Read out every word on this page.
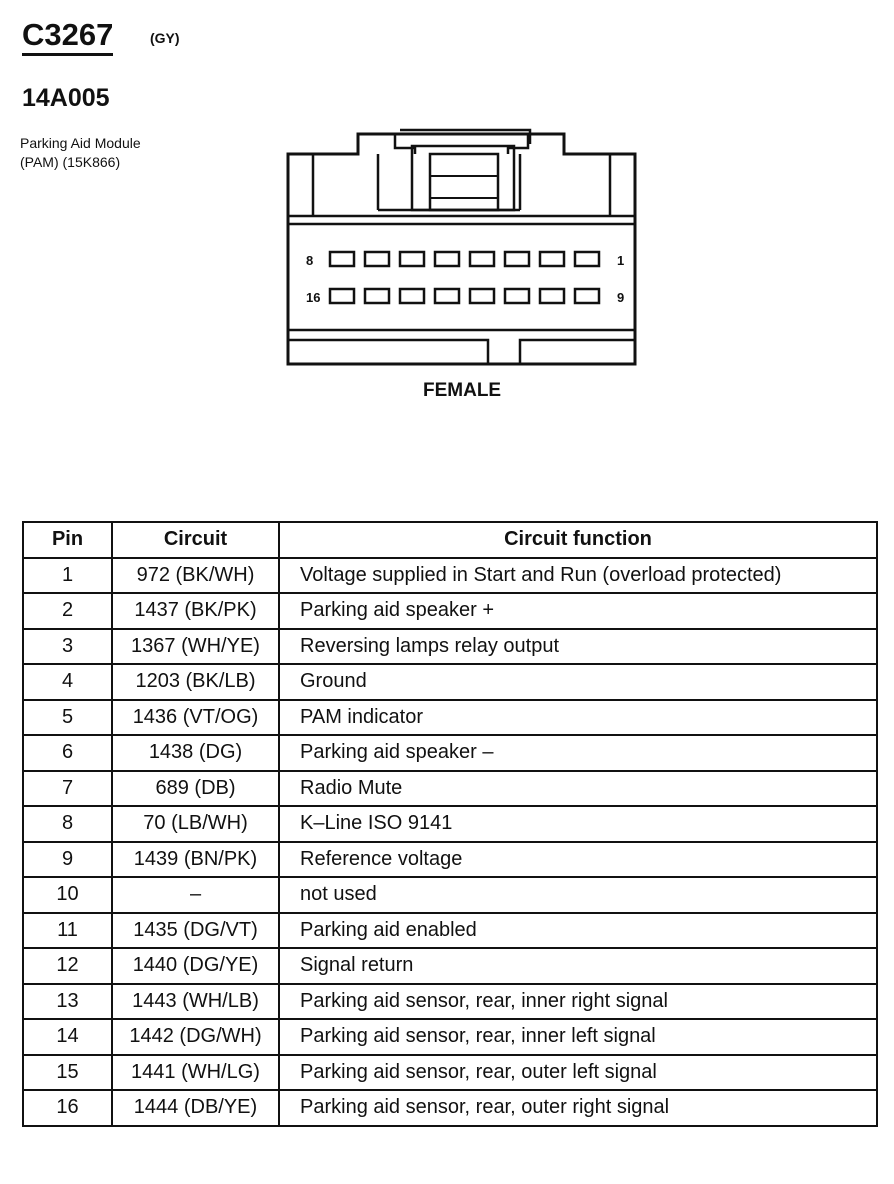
C3267	(GY)
14A005
Parking Aid Module
(PAM) (15K866)
8	1
16	9
FEMALE
Pin	Circuit	Circuit function
1	972 (BK/WH)	Voltage supplied in Start and Run (overload protected)
2	1437 (BK/PK)	Parking aid speaker +
3	1367 (WH/YE)	Reversing lamps relay output
4	1203 (BK/LB)	Ground
5	1436 (VT/OG)	PAM indicator
6	1438 (DG)	Parking aid speaker –
7	689 (DB)	Radio Mute
8	70 (LB/WH)	K–Line ISO 9141
9	1439 (BN/PK)	Reference voltage
10	–	not used
11	1435 (DG/VT)	Parking aid enabled
12	1440 (DG/YE)	Signal return
13	1443 (WH/LB)	Parking aid sensor, rear, inner right signal
14	1442 (DG/WH)	Parking aid sensor, rear, inner left signal
15	1441 (WH/LG)	Parking aid sensor, rear, outer left signal
16	1444 (DB/YE)	Parking aid sensor, rear, outer right signal
